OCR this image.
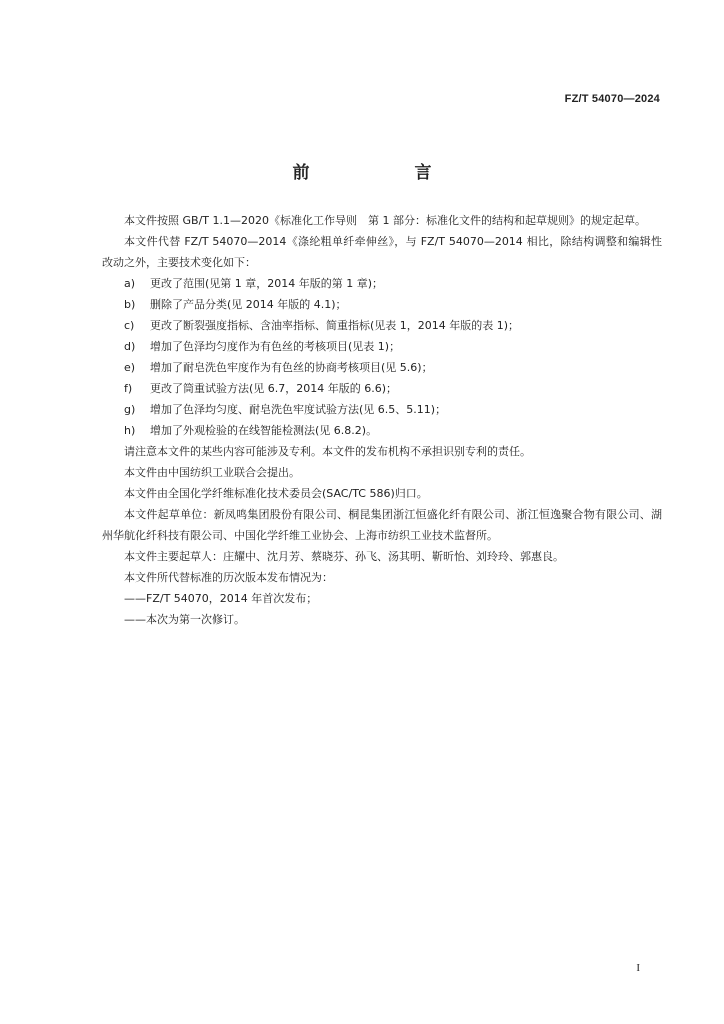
FZ/T 54070—2024
前　言

本文件按照 GB/T 1.1—2020《标准化工作导则　第 1 部分：标准化文件的结构和起草规则》的规定起草。

本文件代替 FZ/T 54070—2014《涤纶粗单纤牵伸丝》，与 FZ/T 54070—2014 相比，除结构调整和编辑性改动之外，主要技术变化如下：

a)	更改了范围(见第 1 章，2014 年版的第 1 章)；
b)	删除了产品分类(见 2014 年版的 4.1)；
c)	更改了断裂强度指标、含油率指标、简重指标(见表 1，2014 年版的表 1)；
d)	增加了色泽均匀度作为有色丝的考核项目(见表 1)；
e)	增加了耐皂洗色牢度作为有色丝的协商考核项目(见 5.6)；
f)	更改了筒重试验方法(见 6.7，2014 年版的 6.6)；
g)	增加了色泽均匀度、耐皂洗色牢度试验方法(见 6.5、5.11)；
h)	增加了外观检验的在线智能检测法(见 6.8.2)。

请注意本文件的某些内容可能涉及专利。本文件的发布机构不承担识别专利的责任。

本文件由中国纺织工业联合会提出。

本文件由全国化学纤维标准化技术委员会(SAC/TC 586)归口。

本文件起草单位：新凤鸣集团股份有限公司、桐昆集团浙江恒盛化纤有限公司、浙江恒逸聚合物有限公司、湖州华航化纤科技有限公司、中国化学纤维工业协会、上海市纺织工业技术监督所。

本文件主要起草人：庄耀中、沈月芳、蔡晓芬、孙飞、汤其明、靳昕怡、刘玲玲、郭惠良。

本文件所代替标准的历次版本发布情况为：

——FZ/T 54070，2014 年首次发布；

——本次为第一次修订。

I
